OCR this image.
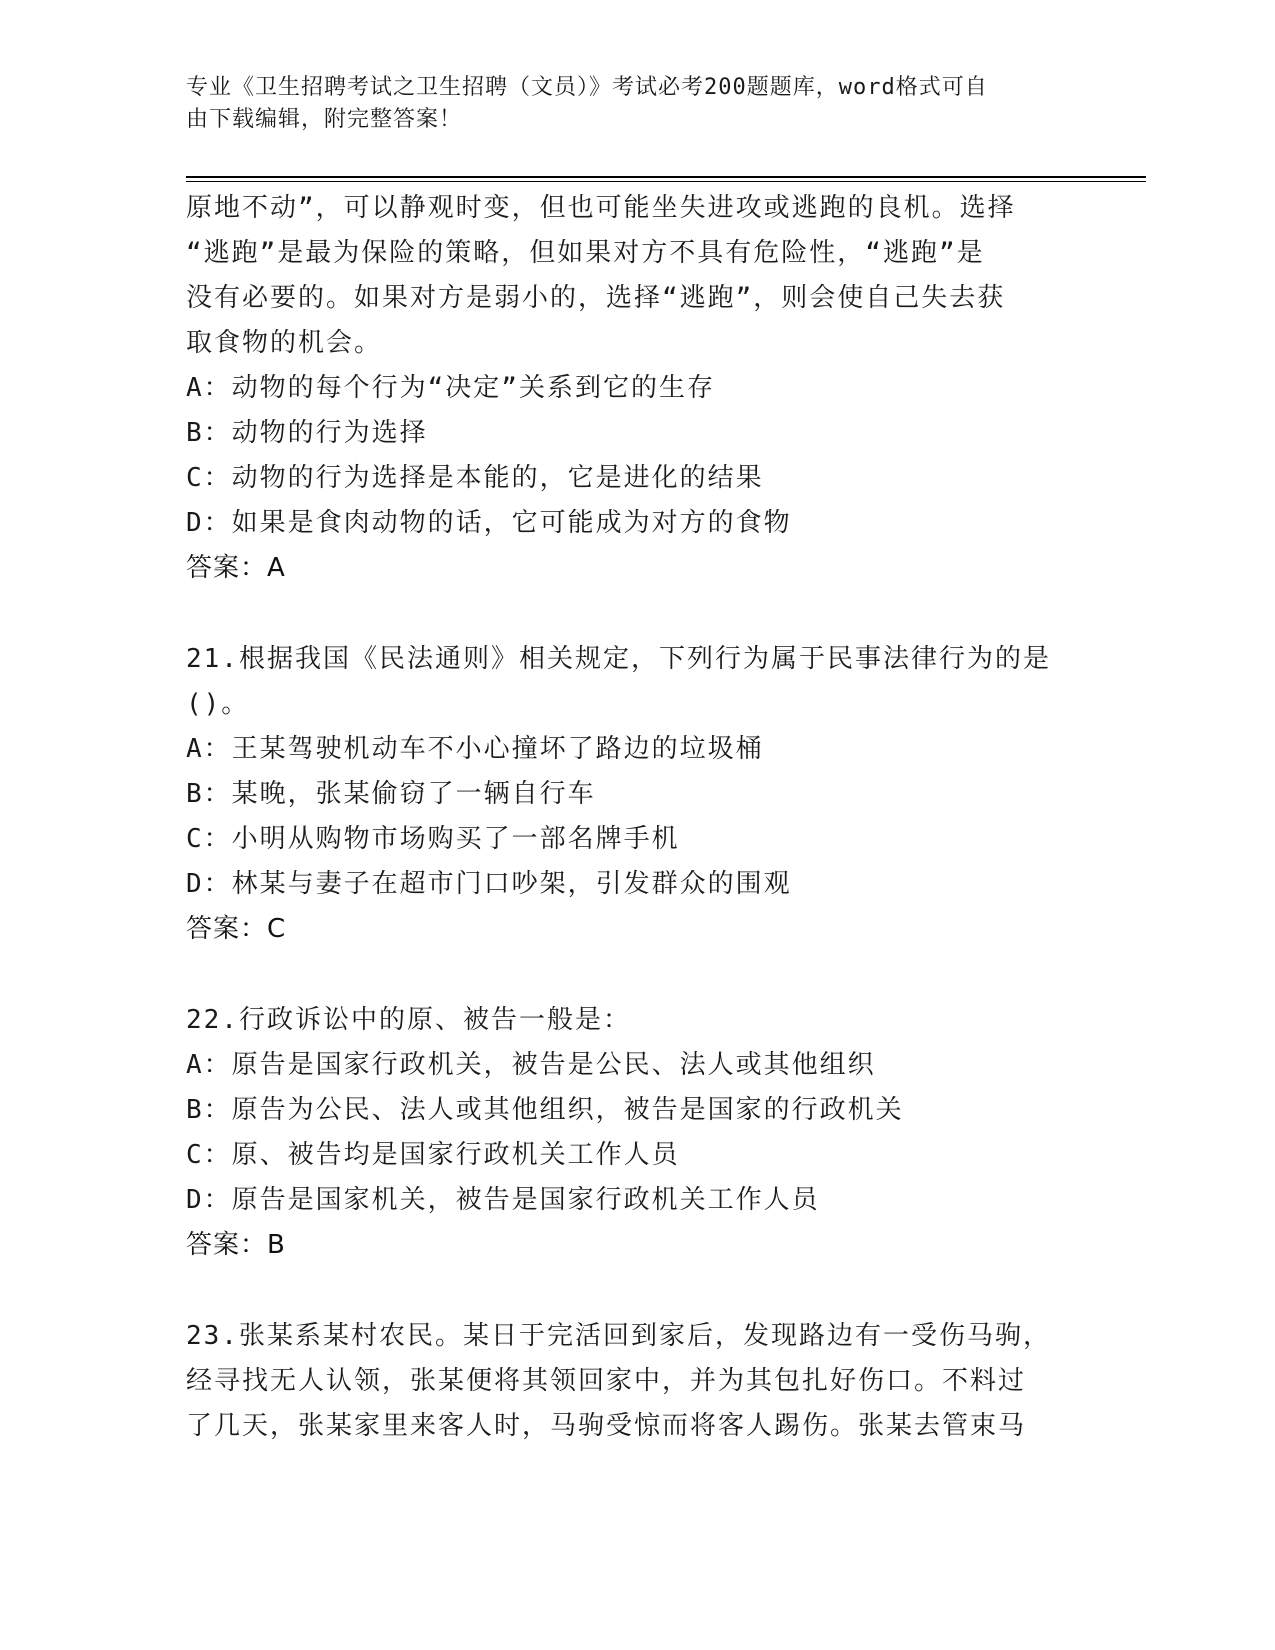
专业《卫生招聘考试之卫生招聘（文员）》考试必考200题题库，word格式可自
由下载编辑，附完整答案！
原地不动”，可以静观时变，但也可能坐失进攻或逃跑的良机。选择
“逃跑”是最为保险的策略，但如果对方不具有危险性，“逃跑”是
没有必要的。如果对方是弱小的，选择“逃跑”，则会使自己失去获
取食物的机会。
A：动物的每个行为“决定”关系到它的生存
B：动物的行为选择
C：动物的行为选择是本能的，它是进化的结果
D：如果是食肉动物的话，它可能成为对方的食物
答案：A
21.根据我国《民法通则》相关规定，下列行为属于民事法律行为的是
()。
A：王某驾驶机动车不小心撞坏了路边的垃圾桶
B：某晚，张某偷窃了一辆自行车
C：小明从购物市场购买了一部名牌手机
D：林某与妻子在超市门口吵架，引发群众的围观
答案：C
22.行政诉讼中的原、被告一般是：
A：原告是国家行政机关，被告是公民、法人或其他组织
B：原告为公民、法人或其他组织，被告是国家的行政机关
C：原、被告均是国家行政机关工作人员
D：原告是国家机关，被告是国家行政机关工作人员
答案：B
23.张某系某村农民。某日于完活回到家后，发现路边有一受伤马驹，
经寻找无人认领，张某便将其领回家中，并为其包扎好伤口。不料过
了几天，张某家里来客人时，马驹受惊而将客人踢伤。张某去管束马
